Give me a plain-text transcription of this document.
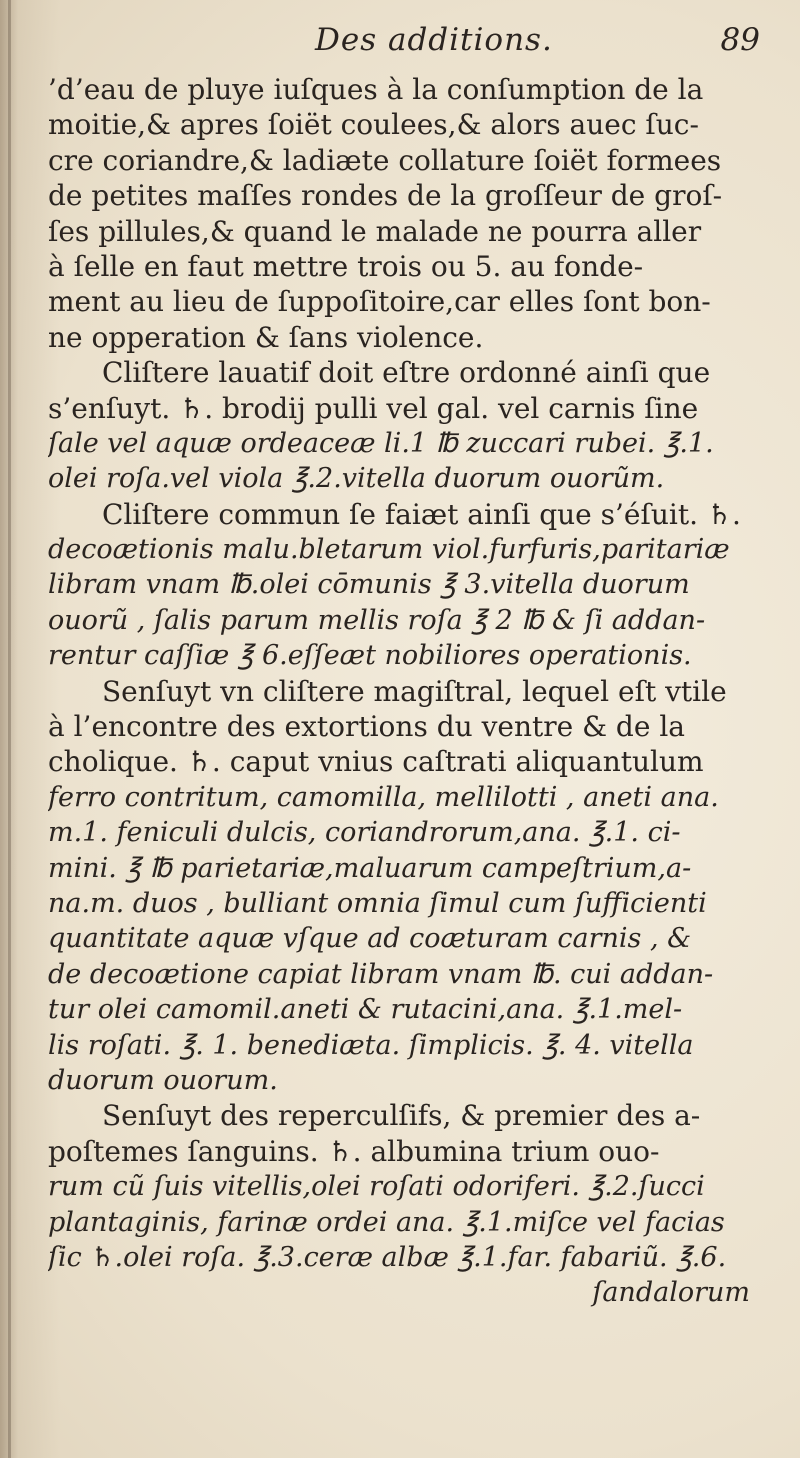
Des additions.	89
’d’eau de pluye iuſques à la conſumption de la
moitie,& apres ſoiët coulees,& alors auec ſuc-
cre coriandre,& ladiæte collature ſoiët formees
de petites maſſes rondes de la groſſeur de groſ-
ſes pillules,& quand le malade ne pourra aller
à ſelle en faut mettre trois ou 5. au fonde-
ment au lieu de ſuppoſitoire,car elles ſont bon-
ne opperation & ſans violence.
Cliſtere lauatif doit eſtre ordonné ainſi que
s’enſuyt. ♄. brodij pulli vel gal. vel carnis ſine
ſale vel aquæ ordeaceæ li.1 ℔ zuccari rubei. ℥.1.
olei roſa.vel viola ℥.2.vitella duorum ouorũm.
Cliſtere commun ſe faiæt ainſi que s’éſuit. ♄.
decoætionis malu.bletarum viol.furfuris,paritariæ
libram vnam ℔.olei cōmunis ℥ 3.vitella duorum
ouorũ , ſalis parum mellis roſa ℥ 2 ℔ & ſi addan-
rentur caſſiæ ℥ 6.eſſeæt nobiliores operationis.
Senſuyt vn cliſtere magiſtral, lequel eſt vtile
à l’encontre des extortions du ventre & de la
cholique. ♄. caput vnius caſtrati aliquantulum
ferro contritum, camomilla, mellilotti , aneti ana.
m.1. feniculi dulcis, coriandrorum,ana. ℥.1. ci-
mini. ℥ ℔ parietariæ,maluarum campeſtrium,a-
na.m. duos , bulliant omnia ſimul cum ſufficienti
quantitate aquæ vſque ad coæturam carnis , &
de decoætione capiat libram vnam ℔. cui addan-
tur olei camomil.aneti & rutacini,ana. ℥.1.mel-
lis roſati. ℥. 1. benediæta. ſimplicis. ℥. 4. vitella
duorum ouorum.
Senſuyt des reperculſifs, & premier des a-
poſtemes ſanguins. ♄. albumina trium ouo-
rum cũ ſuis vitellis,olei roſati odoriferi. ℥.2.ſucci
plantaginis, farinæ ordei ana. ℥.1.miſce vel facias
ſic ♄.olei roſa. ℥.3.ceræ albæ ℥.1.far. fabariũ. ℥.6.
ſandalorum
